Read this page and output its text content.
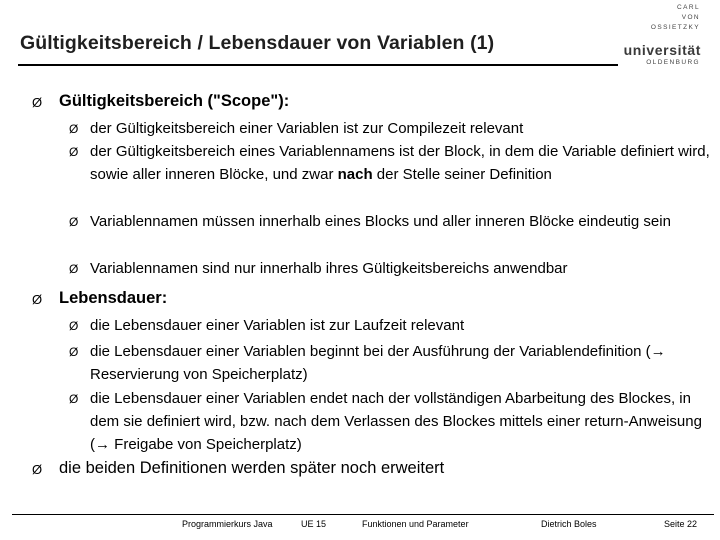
Gültigkeitsbereich / Lebensdauer von Variablen (1)
CARL
VON
OSSIETZKY
universität
OLDENBURG
Ø Gültigkeitsbereich ("Scope"):
Ø der Gültigkeitsbereich einer Variablen ist zur Compilezeit relevant
Ø der Gültigkeitsbereich eines Variablennamens ist der Block, in dem die Variable definiert wird, sowie aller inneren Blöcke, und zwar nach der Stelle seiner Definition
Ø Variablennamen müssen innerhalb eines Blocks und aller inneren Blöcke eindeutig sein
Ø Variablennamen sind nur innerhalb ihres Gültigkeitsbereichs anwendbar
Ø Lebensdauer:
Ø die Lebensdauer einer Variablen ist zur Laufzeit relevant
Ø die Lebensdauer einer Variablen beginnt bei der Ausführung der Variablendefinition (→ Reservierung von Speicherplatz)
Ø die Lebensdauer einer Variablen endet nach der vollständigen Abarbeitung des Blockes, in dem sie definiert wird, bzw. nach dem Verlassen des Blockes mittels einer return-Anweisung (→ Freigabe von Speicherplatz)
Ø die beiden Definitionen werden später noch erweitert
Programmierkurs Java	UE 15	Funktionen und Parameter	Dietrich Boles	Seite 22
